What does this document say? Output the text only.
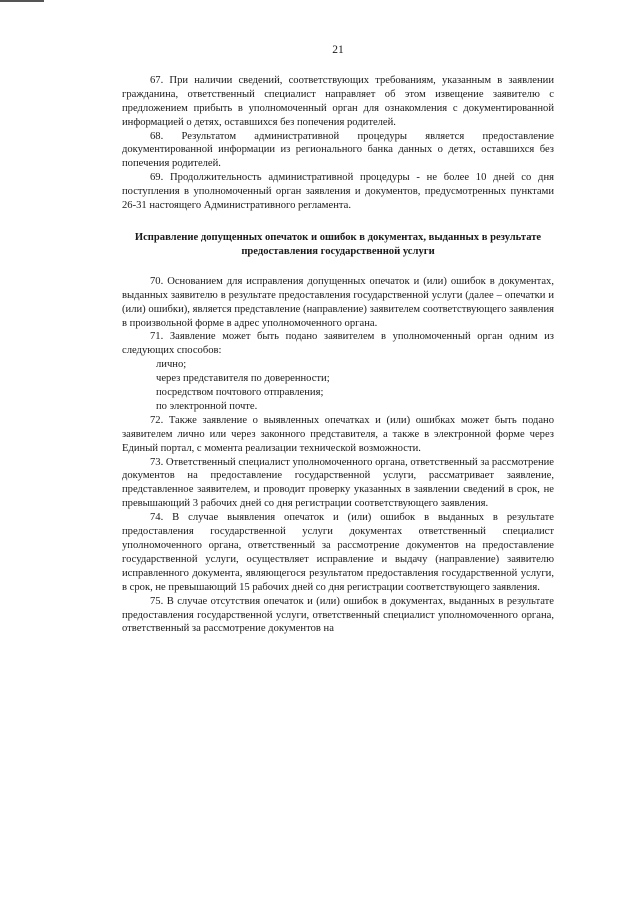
21

67. При наличии сведений, соответствующих требованиям, указанным в заявлении гражданина, ответственный специалист направляет об этом извещение заявителю с предложением прибыть в уполномоченный орган для ознакомления с документированной информацией о детях, оставшихся без попечения родителей.

68. Результатом административной процедуры является предоставление документированной информации из регионального банка данных о детях, оставшихся без попечения родителей.

69. Продолжительность административной процедуры - не более 10 дней со дня поступления в уполномоченный орган заявления и документов, предусмотренных пунктами 26-31 настоящего Административного регламента.

Исправление допущенных опечаток и ошибок в документах, выданных в результате предоставления государственной услуги

70. Основанием для исправления допущенных опечаток и (или) ошибок в документах, выданных заявителю в результате предоставления государственной услуги (далее – опечатки и (или) ошибки), является представление (направление) заявителем соответствующего заявления в произвольной форме в адрес уполномоченного органа.

71. Заявление может быть подано заявителем в уполномоченный орган одним из следующих способов:

лично;

через представителя по доверенности;

посредством почтового отправления;

по электронной почте.

72. Также заявление о выявленных опечатках и (или) ошибках может быть подано заявителем лично или через законного представителя, а также в электронной форме через Единый портал, с момента реализации технической возможности.

73. Ответственный специалист уполномоченного органа, ответственный за рассмотрение документов на предоставление государственной услуги, рассматривает заявление, представленное заявителем, и проводит проверку указанных в заявлении сведений в срок, не превышающий 3 рабочих дней со дня регистрации соответствующего заявления.

74. В случае выявления опечаток и (или) ошибок в выданных в результате предоставления государственной услуги документах ответственный специалист уполномоченного органа, ответственный за рассмотрение документов на предоставление государственной услуги, осуществляет исправление и выдачу (направление) заявителю исправленного документа, являющегося результатом предоставления государственной услуги, в срок, не превышающий 15 рабочих дней со дня регистрации соответствующего заявления.

75. В случае отсутствия опечаток и (или) ошибок в документах, выданных в результате предоставления государственной услуги, ответственный специалист уполномоченного органа, ответственный за рассмотрение документов на
